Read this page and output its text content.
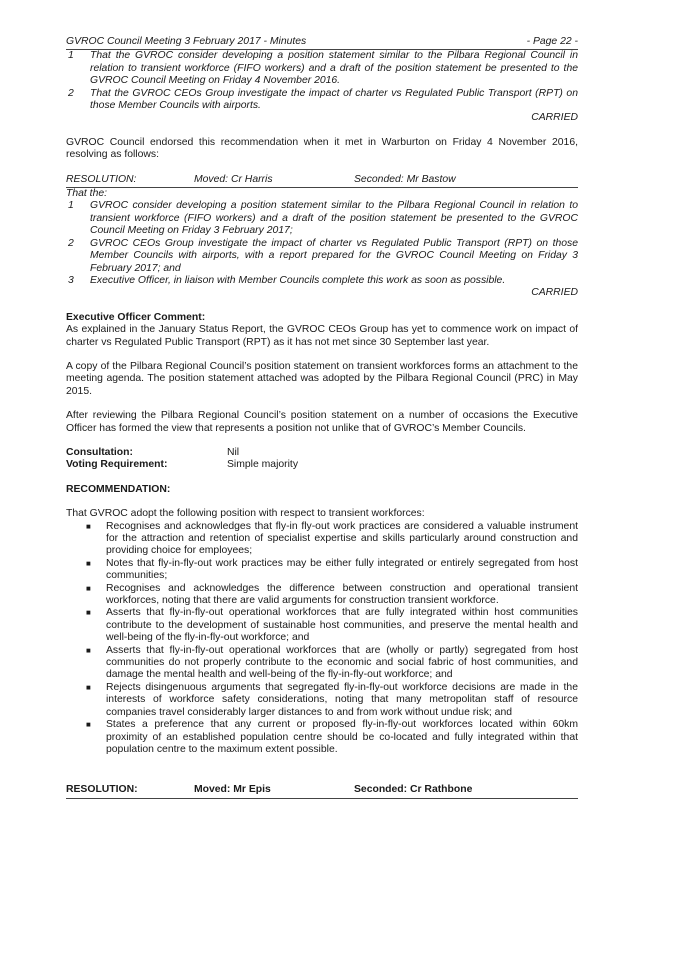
GVROC Council Meeting 3 February 2017 - Minutes	- Page 22 -
1	That the GVROC consider developing a position statement similar to the Pilbara Regional Council in relation to transient workforce (FIFO workers) and a draft of the position statement be presented to the GVROC Council Meeting on Friday 4 November 2016.
2	That the GVROC CEOs Group investigate the impact of charter vs Regulated Public Transport (RPT) on those Member Councils with airports.
CARRIED
GVROC Council endorsed this recommendation when it met in Warburton on Friday 4 November 2016, resolving as follows:
RESOLUTION:	Moved: Cr Harris	Seconded: Mr Bastow
That the:
1	GVROC consider developing a position statement similar to the Pilbara Regional Council in relation to transient workforce (FIFO workers) and a draft of the position statement be presented to the GVROC Council Meeting on Friday 3 February 2017;
2	GVROC CEOs Group investigate the impact of charter vs Regulated Public Transport (RPT) on those Member Councils with airports, with a report prepared for the GVROC Council Meeting on Friday 3 February 2017; and
3	Executive Officer, in liaison with Member Councils complete this work as soon as possible.
CARRIED
Executive Officer Comment:
As explained in the January Status Report, the GVROC CEOs Group has yet to commence work on impact of charter vs Regulated Public Transport (RPT) as it has not met since 30 September last year.
A copy of the Pilbara Regional Council’s position statement on transient workforces forms an attachment to the meeting agenda. The position statement attached was adopted by the Pilbara Regional Council (PRC) in May 2015.
After reviewing the Pilbara Regional Council’s position statement on a number of occasions the Executive Officer has formed the view that represents a position not unlike that of GVROC’s Member Councils.
Consultation:	Nil
Voting Requirement:	Simple majority
RECOMMENDATION:
That GVROC adopt the following position with respect to transient workforces:
■	Recognises and acknowledges that fly-in fly-out work practices are considered a valuable instrument for the attraction and retention of specialist expertise and skills particularly around construction and providing choice for employees;
■	Notes that fly-in-fly-out work practices may be either fully integrated or entirely segregated from host communities;
■	Recognises and acknowledges the difference between construction and operational transient workforces, noting that there are valid arguments for construction transient workforce.
■	Asserts that fly-in-fly-out operational workforces that are fully integrated within host communities contribute to the development of sustainable host communities, and preserve the mental health and well-being of the fly-in-fly-out workforce; and
■	Asserts that fly-in-fly-out operational workforces that are (wholly or partly) segregated from host communities do not properly contribute to the economic and social fabric of host communities, and damage the mental health and well-being of the fly-in-fly-out workforce; and
■	Rejects disingenuous arguments that segregated fly-in-fly-out workforce decisions are made in the interests of workforce safety considerations, noting that many metropolitan staff of resource companies travel considerably larger distances to and from work without undue risk; and
■	States a preference that any current or proposed fly-in-fly-out workforces located within 60km proximity of an established population centre should be co-located and fully integrated within that population centre to the maximum extent possible.
RESOLUTION:	Moved: Mr Epis	Seconded: Cr Rathbone
